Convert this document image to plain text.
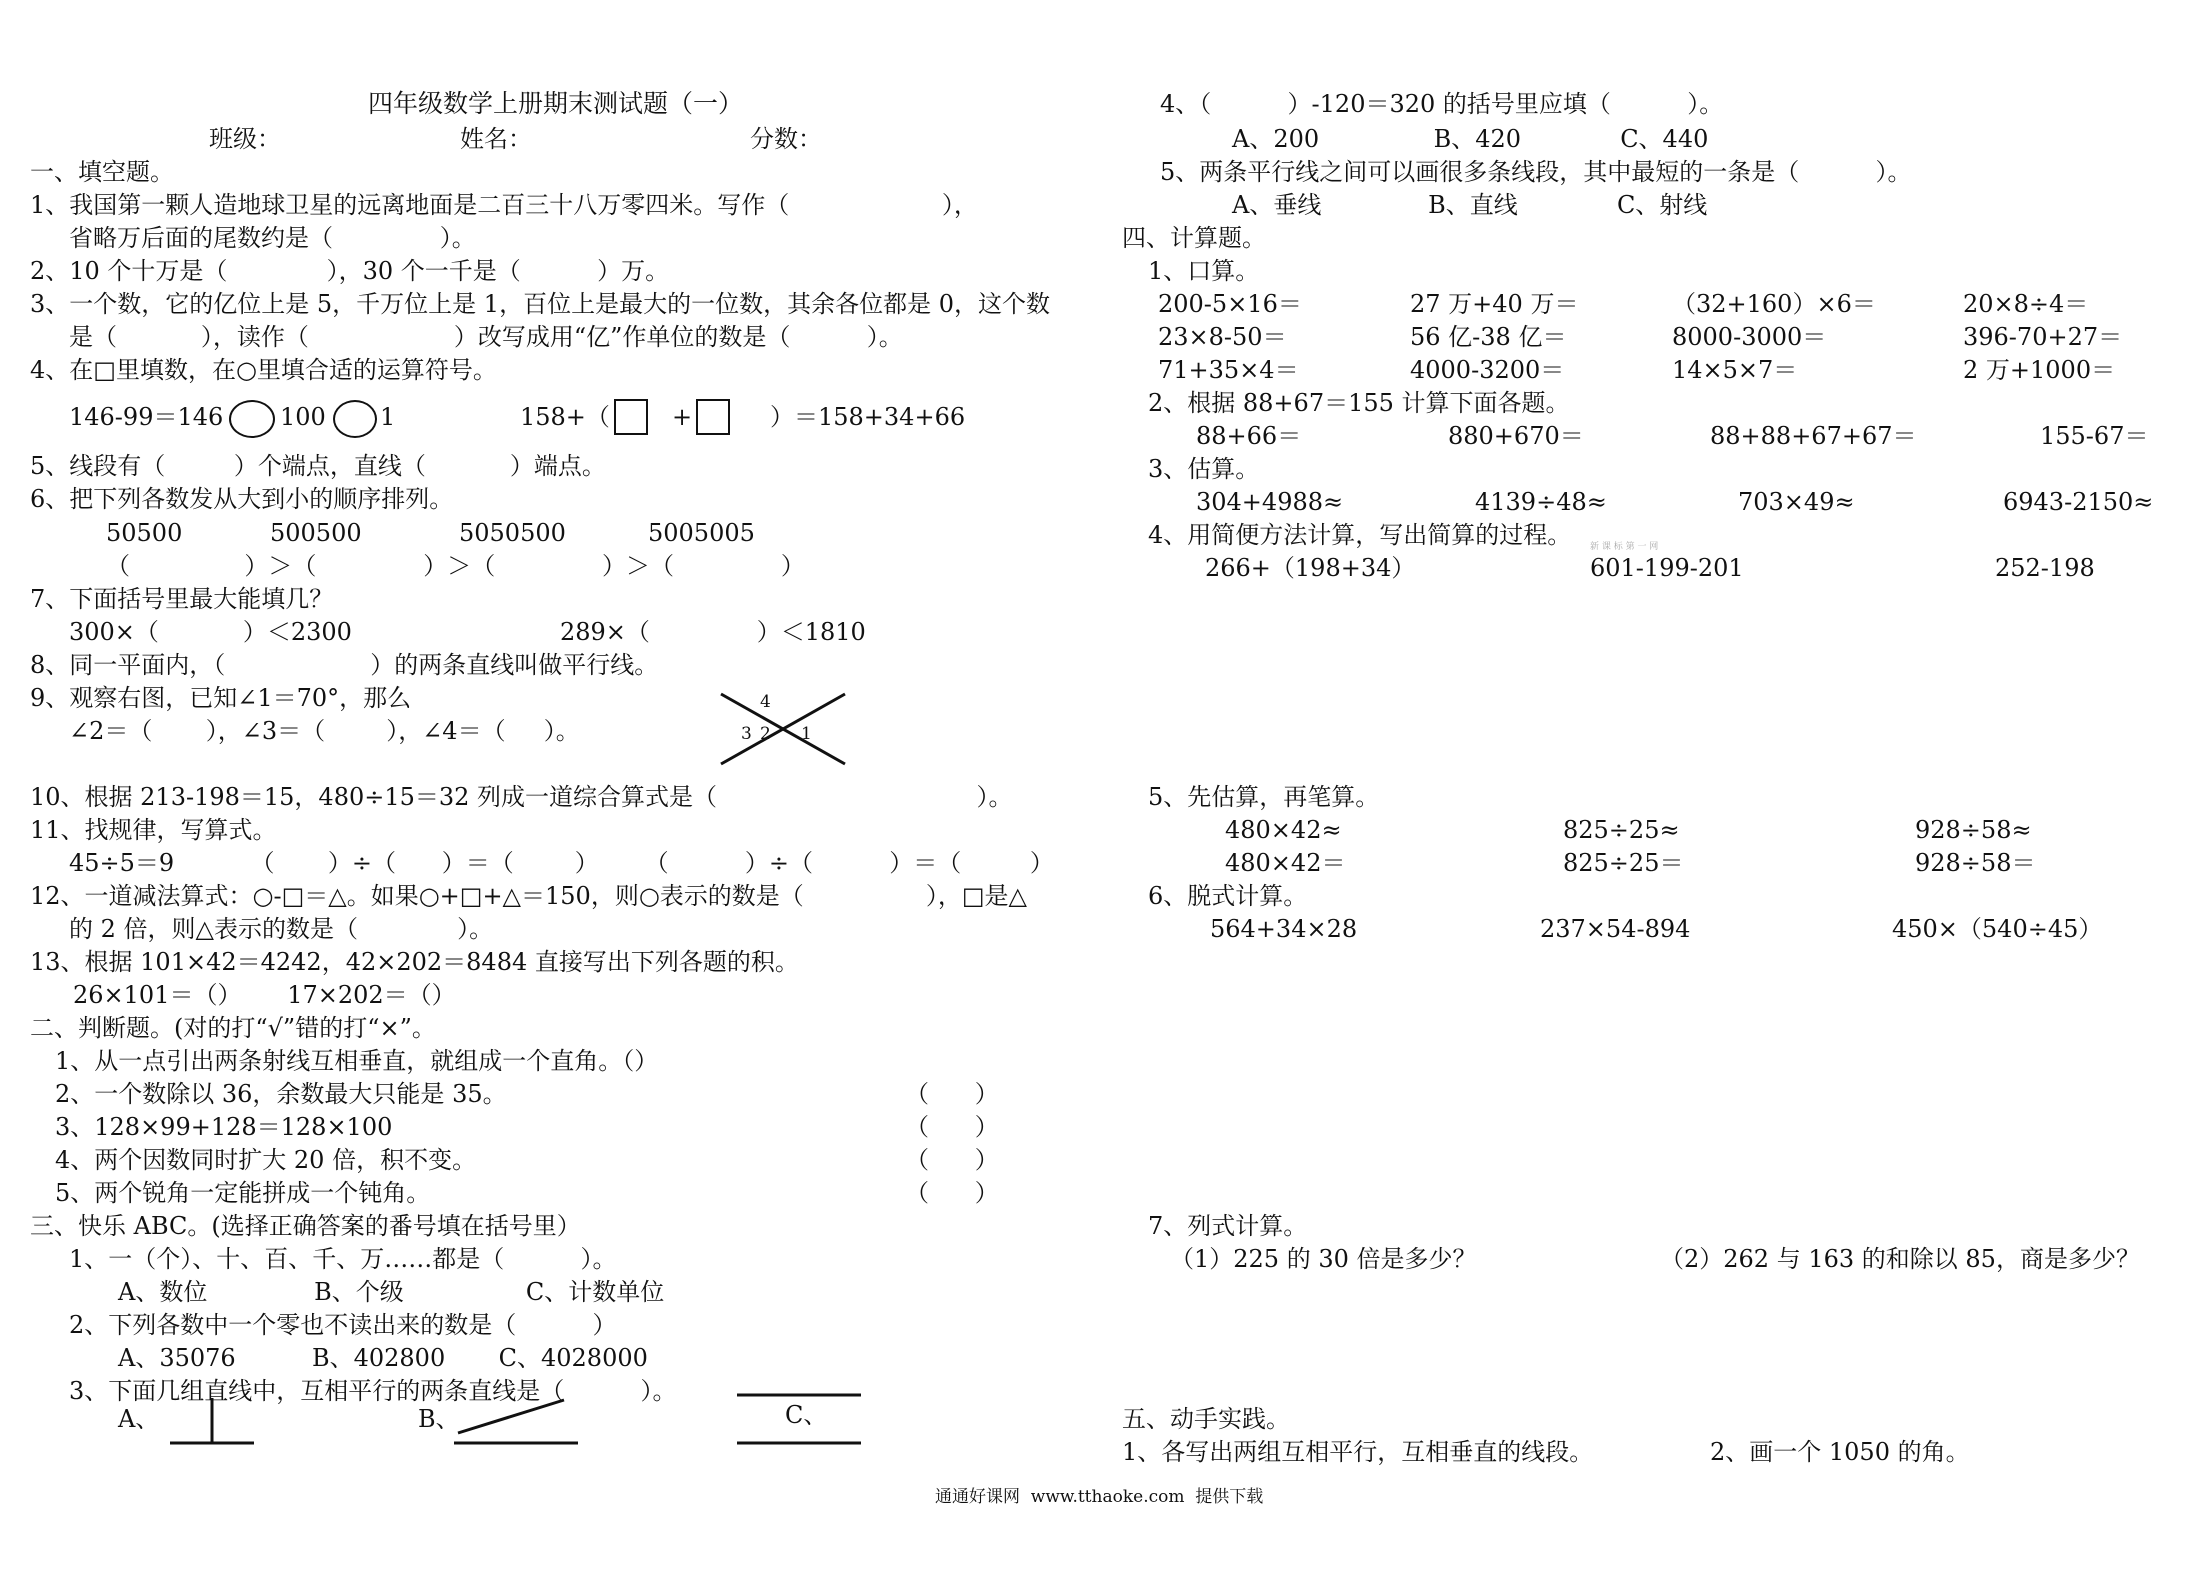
四年级数学上册期末测试题（一）
班级：	姓名：	分数：
一、填空题。
1、我国第一颗人造地球卫星的远离地面是二百三十八万零四米。写作（                    ），
省略万后面的尾数约是（              ）。
2、10 个十万是（             ），30 个一千是（          ）万。
3、一个数，它的亿位上是 5，千万位上是 1，百位上是最大的一位数，其余各位都是 0，这个数
是（           ），读作（                   ）改写成用“亿”作单位的数是（          ）。
4、在□里填数，在○里填合适的运算符号。
146-99＝146 100 1	158+（	+	）＝158+34+66
5、线段有（         ）个端点，直线（           ）端点。
6、把下列各数发从大到小的顺序排列。
50500	500500	5050500	5005005
（               ）＞（              ）＞（              ）＞（              ）
7、下面括号里最大能填几？
300×（           ）＜2300	289×（              ）＜1810
8、同一平面内，（                   ）的两条直线叫做平行线。
9、观察右图，已知∠1＝70°，那么
∠2＝（       ），∠3＝（        ），∠4＝（     ）。
4
3 2 1
10、根据 213-198＝15，480÷15＝32 列成一道综合算式是（                                  ）。
11、找规律，写算式。
45÷5＝9          （       ）÷（      ）＝（        ）      （          ）÷（          ）＝（         ）
12、一道减法算式：○-□＝△。如果○+□+△＝150，则○表示的数是（                ），□是△
的 2 倍，则△表示的数是（             ）。
13、根据 101×42＝4242，42×202＝8484 直接写出下列各题的积。
26×101＝（）      17×202＝（）
二、判断题。(对的打“√”错的打“×”。
1、从一点引出两条射线互相垂直，就组成一个直角。（）
2、一个数除以 36，余数最大只能是 35。	（      ）
3、128×99+128＝128×100	（      ）
4、两个因数同时扩大 20 倍，积不变。	（      ）
5、两个锐角一定能拼成一个钝角。	（      ）
三、快乐 ABC。(选择正确答案的番号填在括号里）
1、一（个）、十、百、千、万……都是（          ）。
A、数位              B、个级                C、计数单位
2、下列各数中一个零也不读出来的数是（          ）
A、35076          B、402800       C、4028000
3、下面几组直线中，互相平行的两条直线是（          ）。
A、	B、	C、
4、（          ）-120＝320 的括号里应填（          ）。
A、200               B、420             C、440
5、两条平行线之间可以画很多条线段，其中最短的一条是（          ）。
A、垂线              B、直线             C、射线
四、计算题。
1、口算。
200-5×16＝	27 万+40 万＝	（32+160）×6＝	20×8÷4＝
23×8-50＝	56 亿-38 亿＝	8000-3000＝	396-70+27＝
71+35×4＝	4000-3200＝	14×5×7＝	2 万+1000＝
2、根据 88+67＝155 计算下面各题。
88+66＝	880+670＝	88+88+67+67＝	155-67＝
3、估算。
304+4988≈	4139÷48≈	703×49≈	6943-2150≈
4、用简便方法计算，写出简算的过程。 新 课 标 第 一 网
266+（198+34）	601-199-201	252-198
5、先估算，再笔算。
480×42≈	825÷25≈	928÷58≈
480×42＝	825÷25＝	928÷58＝
6、脱式计算。
564+34×28	237×54-894	450×（540÷45）
7、列式计算。
（1）225 的 30 倍是多少？	（2）262 与 163 的和除以 85，商是多少？
五、动手实践。
1、各写出两组互相平行，互相垂直的线段。	2、画一个 1050 的角。
通通好课网  www.tthaoke.com  提供下载
